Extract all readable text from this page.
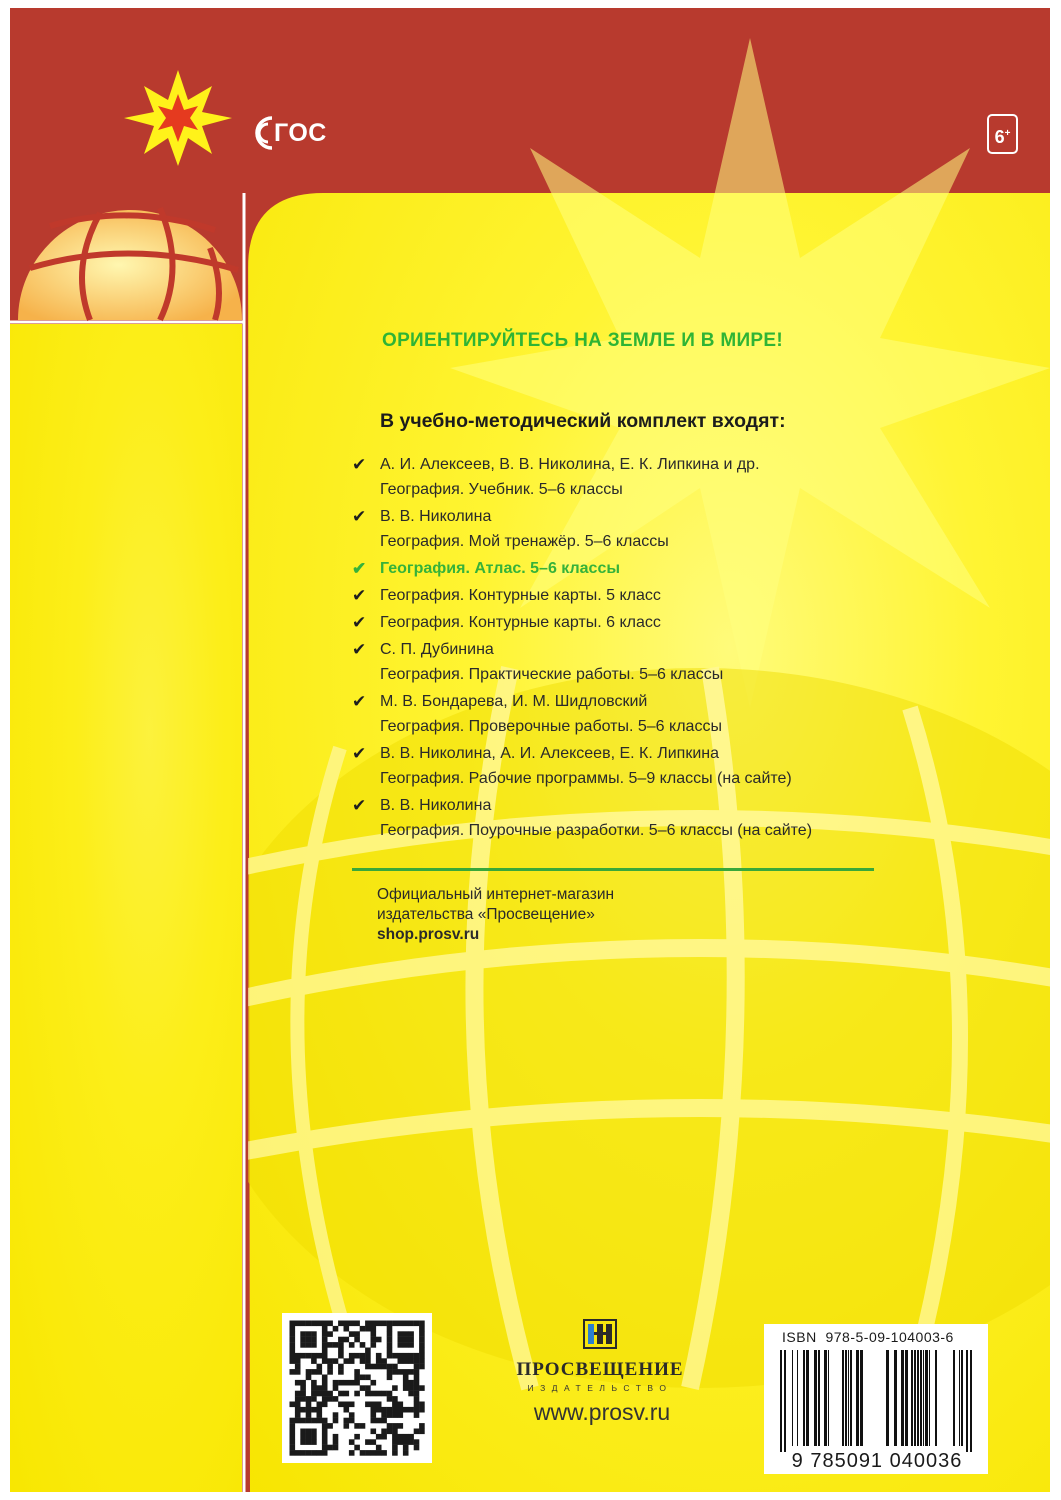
ГОС	6+
ОРИЕНТИРУЙТЕСЬ НА ЗЕМЛЕ И В МИРЕ!
В учебно-методический комплект входят:
✔ А. И. Алексеев, В. В. Николина, Е. К. Липкина и др.
География. Учебник. 5–6 классы
✔ В. В. Николина
География. Мой тренажёр. 5–6 классы
✔ География. Атлас. 5–6 классы
✔ География. Контурные карты. 5 класс
✔ География. Контурные карты. 6 класс
✔ С. П. Дубинина
География. Практические работы. 5–6 классы
✔ М. В. Бондарева, И. М. Шидловский
География. Проверочные работы. 5–6 классы
✔ В. В. Николина, А. И. Алексеев, Е. К. Липкина
География. Рабочие программы. 5–9 классы (на сайте)
✔ В. В. Николина
География. Поурочные разработки. 5–6 классы (на сайте)
Официальный интернет-магазин
издательства «Просвещение»
shop.prosv.ru
ПРОСВЕЩЕНИЕ
ИЗДАТЕЛЬСТВО
www.prosv.ru
ISBN 978-5-09-104003-6
9 785091 040036
